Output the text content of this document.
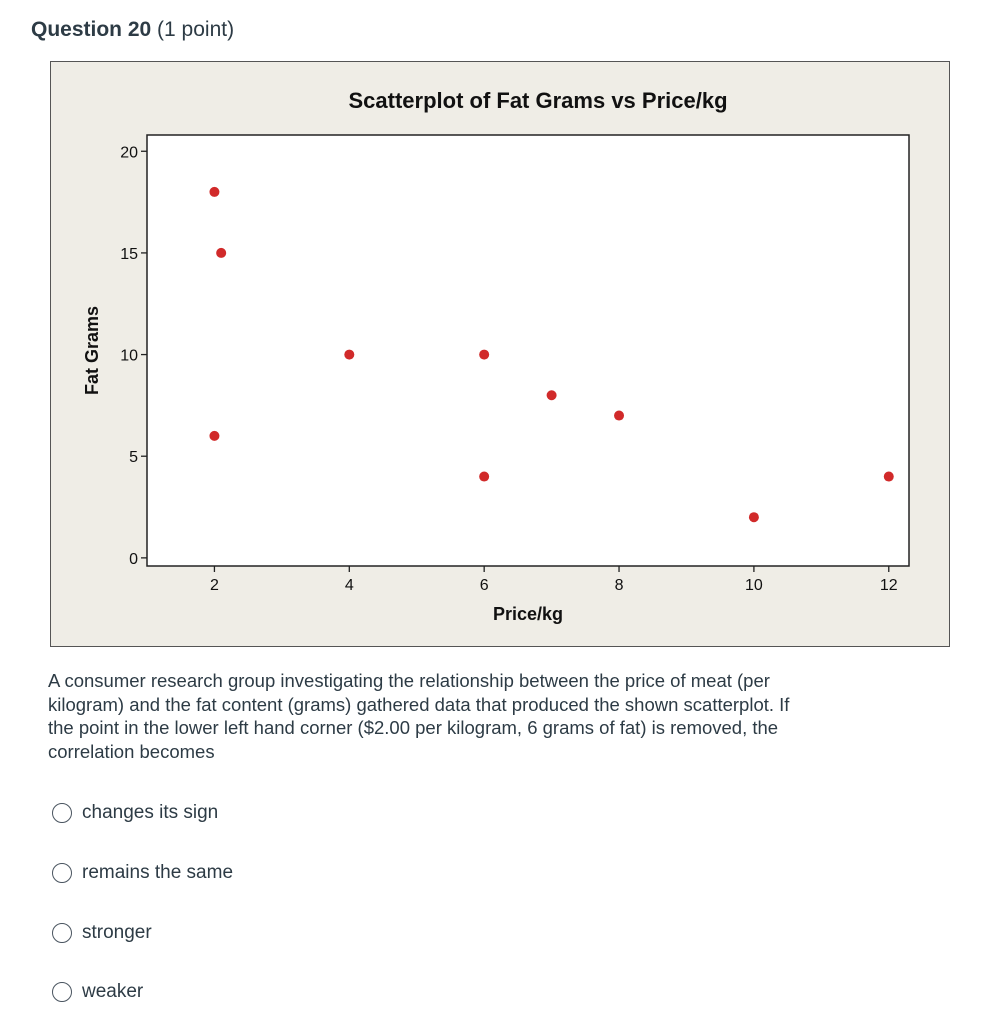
Question 20 (1 point)
Scatterplot of Fat Grams vs Price/kg
0
5
10
15
20
2	4	6	8	10	12
Price/kg
Fat Grams
A consumer research group investigating the relationship between the price of meat (per kilogram) and the fat content (grams) gathered data that produced the shown scatterplot. If the point in the lower left hand corner ($2.00 per kilogram, 6 grams of fat) is removed, the correlation becomes
changes its sign
remains the same
stronger
weaker
